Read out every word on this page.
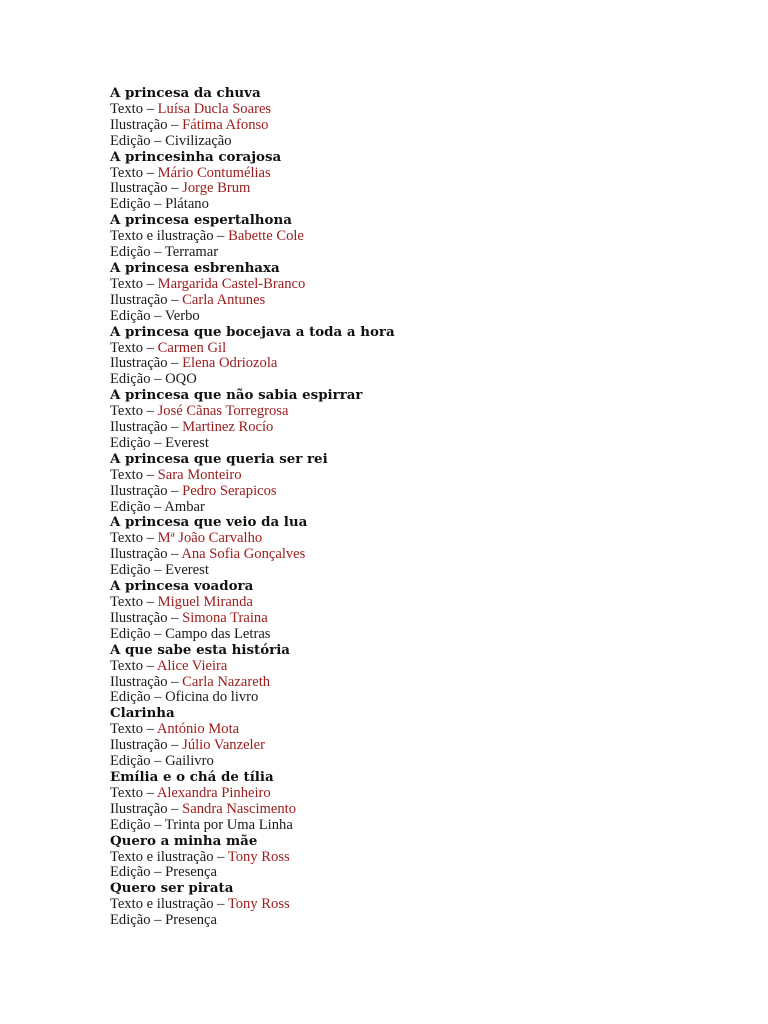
A princesa da chuva
Texto – Luísa Ducla Soares
Ilustração – Fátima Afonso
Edição – Civilização
A princesinha corajosa
Texto – Mário Contumélias
Ilustração – Jorge Brum
Edição – Plátano
A princesa espertalhona
Texto e ilustração – Babette Cole
Edição – Terramar
A princesa esbrenhaxa
Texto – Margarida Castel-Branco
Ilustração – Carla Antunes
Edição – Verbo
A princesa que bocejava a toda a hora
Texto – Carmen Gil
Ilustração – Elena Odriozola
Edição – OQO
A princesa que não sabia espirrar
Texto – José Cãnas Torregrosa
Ilustração – Martinez Rocío
Edição – Everest
A princesa que queria ser rei
Texto – Sara Monteiro
Ilustração – Pedro Serapicos
Edição – Ambar
A princesa que veio da lua
Texto – Mª João Carvalho
Ilustração – Ana Sofia Gonçalves
Edição – Everest
A princesa voadora
Texto – Miguel Miranda
Ilustração – Simona Traina
Edição – Campo das Letras
A que sabe esta história
Texto – Alice Vieira
Ilustração – Carla Nazareth
Edição – Oficina do livro
Clarinha
Texto – António Mota
Ilustração – Júlio Vanzeler
Edição – Gailivro
Emília e o chá de tília
Texto – Alexandra Pinheiro
Ilustração – Sandra Nascimento
Edição – Trinta por Uma Linha
Quero a minha mãe
Texto e ilustração – Tony Ross
Edição – Presença
Quero ser pirata
Texto e ilustração – Tony Ross
Edição – Presença
